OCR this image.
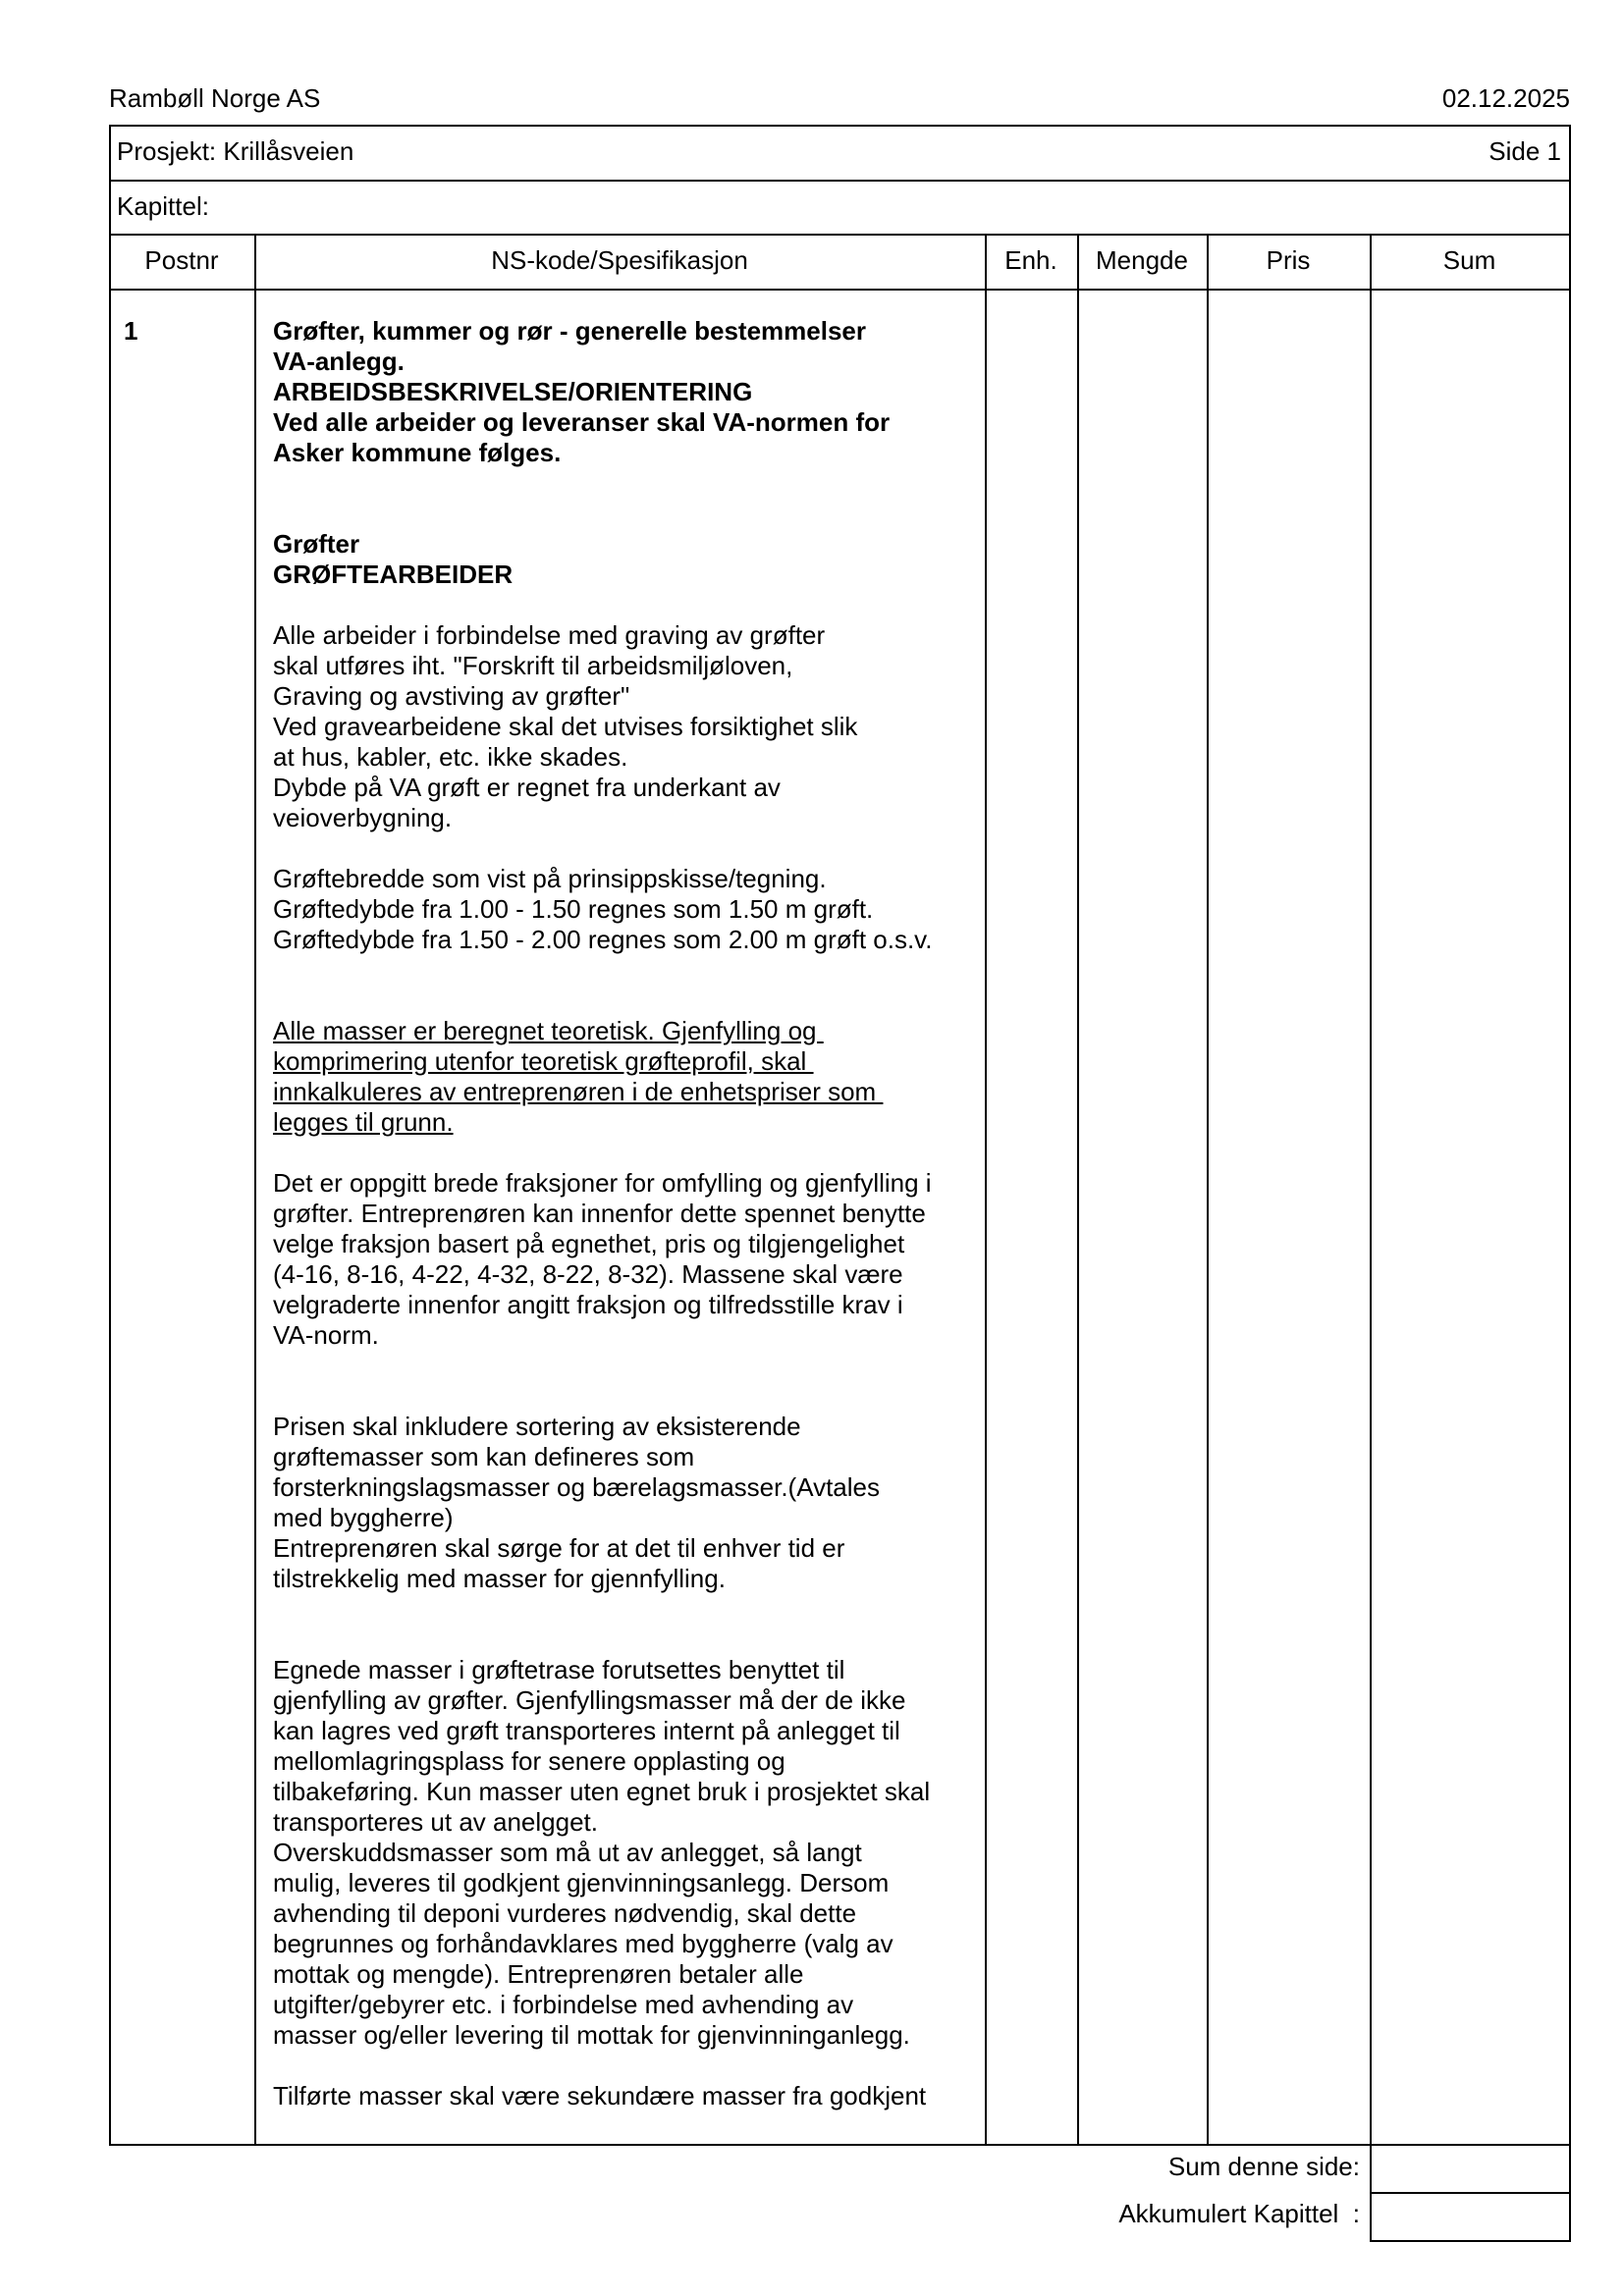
Rambøll Norge AS	02.12.2025
Prosjekt: Krillåsveien	Side 1
Kapittel:
Postnr	NS-kode/Spesifikasjon	Enh.	Mengde	Pris	Sum
1	Grøfter, kummer og rør - generelle bestemmelser

VA-anlegg.

ARBEIDSBESKRIVELSE/ORIENTERING

Ved alle arbeider og leveranser skal VA-normen for

Asker kommune følges.

Grøfter

GRØFTEARBEIDER

Alle arbeider i forbindelse med graving av grøfter
skal utføres iht. "Forskrift til arbeidsmiljøloven,
Graving og avstiving av grøfter"
Ved gravearbeidene skal det utvises forsiktighet slik
at hus, kabler, etc. ikke skades.
Dybde på VA grøft er regnet fra underkant av
veioverbygning.

Grøftebredde som vist på prinsippskisse/tegning.
Grøftedybde fra 1.00 - 1.50 regnes som 1.50 m grøft.
Grøftedybde fra 1.50 - 2.00 regnes som 2.00 m grøft o.s.v.

Alle masser er beregnet teoretisk. Gjenfylling og
komprimering utenfor teoretisk grøfteprofil, skal
innkalkuleres av entreprenøren i de enhetspriser som
legges til grunn.

Det er oppgitt brede fraksjoner for omfylling og gjenfylling i
grøfter. Entreprenøren kan innenfor dette spennet benytte
velge fraksjon basert på egnethet, pris og tilgjengelighet
(4-16, 8-16, 4-22, 4-32, 8-22, 8-32). Massene skal være
velgraderte innenfor angitt fraksjon og tilfredsstille krav i
VA-norm.

Prisen skal inkludere sortering av eksisterende
grøftemasser som kan defineres som
forsterkningslagsmasser og bærelagsmasser.(Avtales
med byggherre)
Entreprenøren skal sørge for at det til enhver tid er
tilstrekkelig med masser for gjennfylling.

Egnede masser i grøftetrase forutsettes benyttet til
gjenfylling av grøfter. Gjenfyllingsmasser må der de ikke
kan lagres ved grøft transporteres internt på anlegget til
mellomlagringsplass for senere opplasting og
tilbakeføring. Kun masser uten egnet bruk i prosjektet skal
transporteres ut av anelgget.
Overskuddsmasser som må ut av anlegget, så langt
mulig, leveres til godkjent gjenvinningsanlegg. Dersom
avhending til deponi vurderes nødvendig, skal dette
begrunnes og forhåndavklares med byggherre (valg av
mottak og mengde). Entreprenøren betaler alle
utgifter/gebyrer etc. i forbindelse med avhending av
masser og/eller levering til mottak for gjenvinninganlegg.

Tilførte masser skal være sekundære masser fra godkjent

Sum denne side:
Akkumulert Kapittel  :
